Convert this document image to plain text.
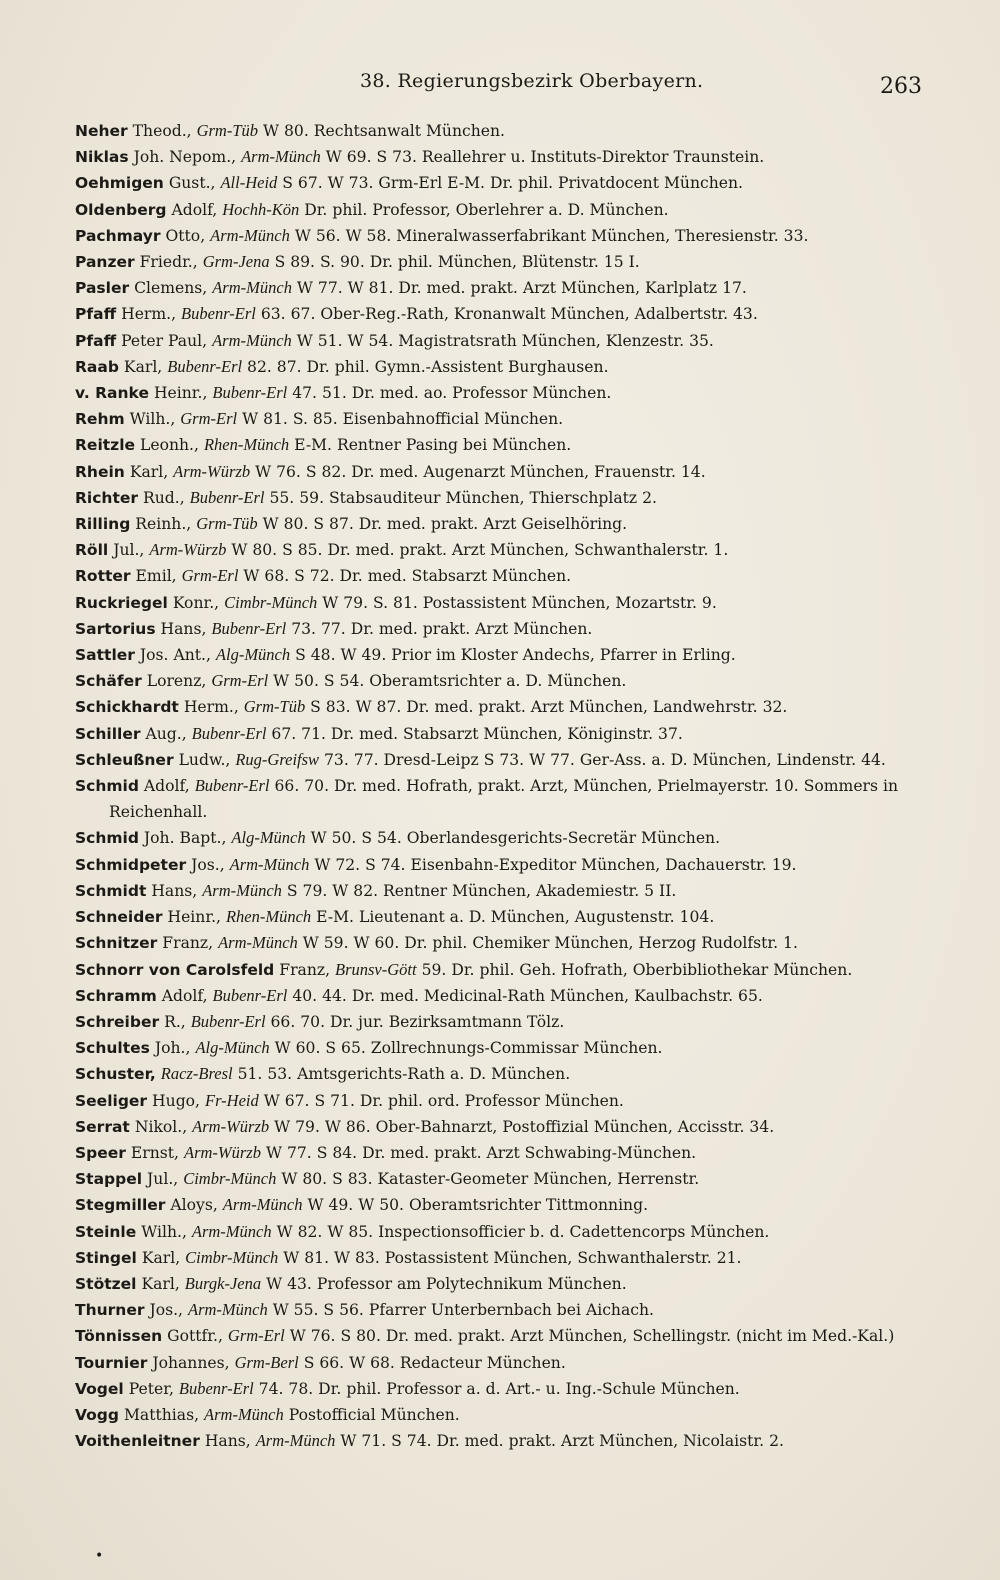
38. Regierungsbezirk Oberbayern.	263
Neher Theod., Grm-Tüb W 80. Rechtsanwalt München.
Niklas Joh. Nepom., Arm-Münch W 69. S 73. Reallehrer u. Instituts-Direktor Traunstein.
Oehmigen Gust., All-Heid S 67. W 73. Grm-Erl E-M. Dr. phil. Privatdocent München.
Oldenberg Adolf, Hochh-Kön Dr. phil. Professor, Oberlehrer a. D. München.
Pachmayr Otto, Arm-Münch W 56. W 58. Mineralwasserfabrikant München, Theresienstr. 33.
Panzer Friedr., Grm-Jena S 89. S. 90. Dr. phil. München, Blütenstr. 15 I.
Pasler Clemens, Arm-Münch W 77. W 81. Dr. med. prakt. Arzt München, Karlplatz 17.
Pfaff Herm., Bubenr-Erl 63. 67. Ober-Reg.-Rath, Kronanwalt München, Adalbertstr. 43.
Pfaff Peter Paul, Arm-Münch W 51. W 54. Magistratsrath München, Klenzestr. 35.
Raab Karl, Bubenr-Erl 82. 87. Dr. phil. Gymn.-Assistent Burghausen.
v. Ranke Heinr., Bubenr-Erl 47. 51. Dr. med. ao. Professor München.
Rehm Wilh., Grm-Erl W 81. S. 85. Eisenbahnofficial München.
Reitzle Leonh., Rhen-Münch E-M. Rentner Pasing bei München.
Rhein Karl, Arm-Würzb W 76. S 82. Dr. med. Augenarzt München, Frauenstr. 14.
Richter Rud., Bubenr-Erl 55. 59. Stabsauditeur München, Thierschplatz 2.
Rilling Reinh., Grm-Tüb W 80. S 87. Dr. med. prakt. Arzt Geiselhöring.
Röll Jul., Arm-Würzb W 80. S 85. Dr. med. prakt. Arzt München, Schwanthalerstr. 1.
Rotter Emil, Grm-Erl W 68. S 72. Dr. med. Stabsarzt München.
Ruckriegel Konr., Cimbr-Münch W 79. S. 81. Postassistent München, Mozartstr. 9.
Sartorius Hans, Bubenr-Erl 73. 77. Dr. med. prakt. Arzt München.
Sattler Jos. Ant., Alg-Münch S 48. W 49. Prior im Kloster Andechs, Pfarrer in Erling.
Schäfer Lorenz, Grm-Erl W 50. S 54. Oberamtsrichter a. D. München.
Schickhardt Herm., Grm-Tüb S 83. W 87. Dr. med. prakt. Arzt München, Landwehrstr. 32.
Schiller Aug., Bubenr-Erl 67. 71. Dr. med. Stabsarzt München, Königinstr. 37.
Schleußner Ludw., Rug-Greifsw 73. 77. Dresd-Leipz S 73. W 77. Ger-Ass. a. D. München, Lindenstr. 44.
Schmid Adolf, Bubenr-Erl 66. 70. Dr. med. Hofrath, prakt. Arzt, München, Prielmayerstr. 10. Sommers in Reichenhall.
Schmid Joh. Bapt., Alg-Münch W 50. S 54. Oberlandesgerichts-Secretär München.
Schmidpeter Jos., Arm-Münch W 72. S 74. Eisenbahn-Expeditor München, Dachauerstr. 19.
Schmidt Hans, Arm-Münch S 79. W 82. Rentner München, Akademiestr. 5 II.
Schneider Heinr., Rhen-Münch E-M. Lieutenant a. D. München, Augustenstr. 104.
Schnitzer Franz, Arm-Münch W 59. W 60. Dr. phil. Chemiker München, Herzog Rudolfstr. 1.
Schnorr von Carolsfeld Franz, Brunsv-Gött 59. Dr. phil. Geh. Hofrath, Oberbibliothekar München.
Schramm Adolf, Bubenr-Erl 40. 44. Dr. med. Medicinal-Rath München, Kaulbachstr. 65.
Schreiber R., Bubenr-Erl 66. 70. Dr. jur. Bezirksamtmann Tölz.
Schultes Joh., Alg-Münch W 60. S 65. Zollrechnungs-Commissar München.
Schuster, Racz-Bresl 51. 53. Amtsgerichts-Rath a. D. München.
Seeliger Hugo, Fr-Heid W 67. S 71. Dr. phil. ord. Professor München.
Serrat Nikol., Arm-Würzb W 79. W 86. Ober-Bahnarzt, Postoffizial München, Accisstr. 34.
Speer Ernst, Arm-Würzb W 77. S 84. Dr. med. prakt. Arzt Schwabing-München.
Stappel Jul., Cimbr-Münch W 80. S 83. Kataster-Geometer München, Herrenstr.
Stegmiller Aloys, Arm-Münch W 49. W 50. Oberamtsrichter Tittmonning.
Steinle Wilh., Arm-Münch W 82. W 85. Inspectionsofficier b. d. Cadettencorps München.
Stingel Karl, Cimbr-Münch W 81. W 83. Postassistent München, Schwanthalerstr. 21.
Stötzel Karl, Burgk-Jena W 43. Professor am Polytechnikum München.
Thurner Jos., Arm-Münch W 55. S 56. Pfarrer Unterbernbach bei Aichach.
Tönnissen Gottfr., Grm-Erl W 76. S 80. Dr. med. prakt. Arzt München, Schellingstr. (nicht im Med.-Kal.)
Tournier Johannes, Grm-Berl S 66. W 68. Redacteur München.
Vogel Peter, Bubenr-Erl 74. 78. Dr. phil. Professor a. d. Art.- u. Ing.-Schule München.
Vogg Matthias, Arm-Münch Postofficial München.
Voithenleitner Hans, Arm-Münch W 71. S 74. Dr. med. prakt. Arzt München, Nicolaistr. 2.
•
